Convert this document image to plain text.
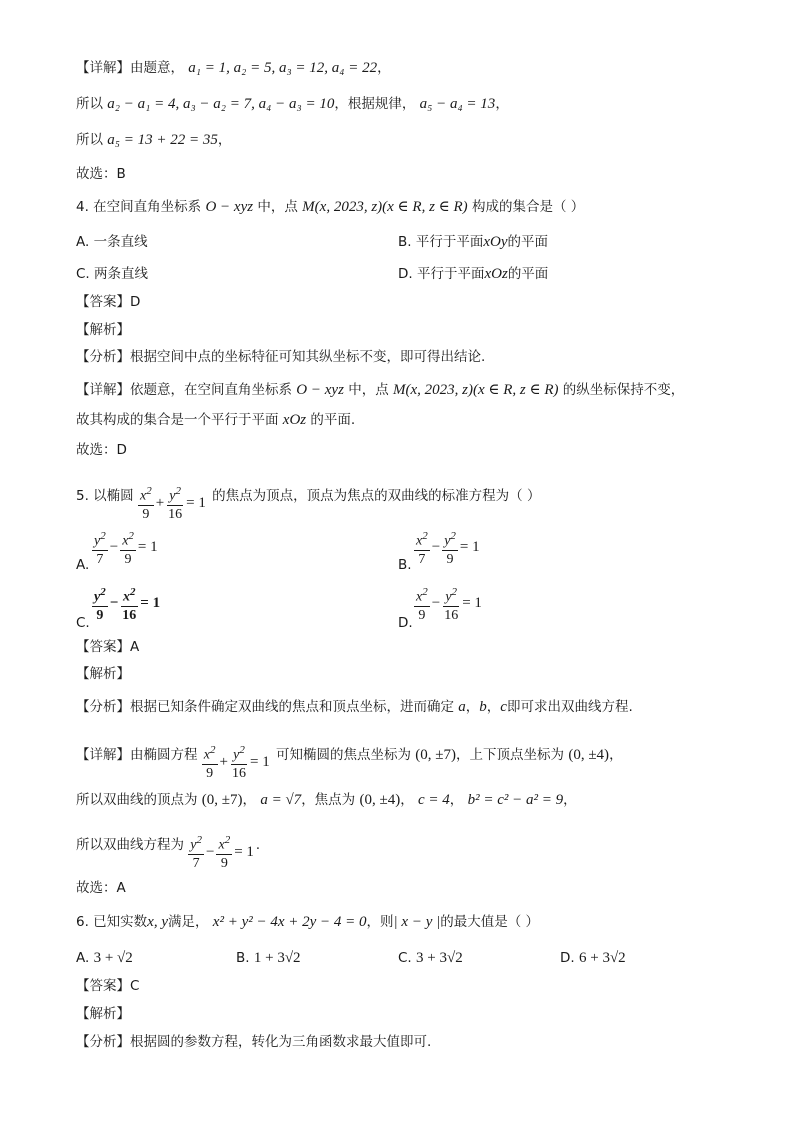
【详解】由题意， a₁ = 1, a₂ = 5, a₃ = 12, a₄ = 22，
所以 a₂ − a₁ = 4, a₃ − a₂ = 7, a₄ − a₃ = 10，根据规律， a₅ − a₄ = 13，
所以 a₅ = 13 + 22 = 35，
故选：B
4. 在空间直角坐标系 O − xyz 中，点 M(x, 2023, z)(x ∈ R, z ∈ R) 构成的集合是（ ）
A. 一条直线	B. 平行于平面xOy的平面
C. 两条直线	D. 平行于平面xOz的平面
【答案】D
【解析】
【分析】根据空间中点的坐标特征可知其纵坐标不变，即可得出结论.
【详解】依题意，在空间直角坐标系 O − xyz 中，点 M(x, 2023, z)(x ∈ R, z ∈ R) 的纵坐标保持不变，
故其构成的集合是一个平行于平面 xOz 的平面.
故选：D
5. 以椭圆 $\frac{x^2}{9} + \frac{y^2}{16} = 1$ 的焦点为顶点，顶点为焦点的双曲线的标准方程为（ ）
A. $\frac{y^2}{7} - \frac{x^2}{9} = 1$
B. $\frac{x^2}{7} - \frac{y^2}{9} = 1$
C. $\frac{y^2}{9} - \frac{x^2}{16} = 1$
D. $\frac{x^2}{9} - \frac{y^2}{16} = 1$
【答案】A
【解析】
【分析】根据已知条件确定双曲线的焦点和顶点坐标，进而确定 a，b，c即可求出双曲线方程.
【详解】由椭圆方程 $\frac{x^2}{9} + \frac{y^2}{16} = 1$ 可知椭圆的焦点坐标为 (0, ±7)，上下顶点坐标为 (0, ±4)，
所以双曲线的顶点为 (0, ±7)， a = √7，焦点为 (0, ±4)， c = 4， b² = c² − a² = 9，
所以双曲线方程为 $\frac{y^2}{7} - \frac{x^2}{9} = 1$ .
故选：A
6. 已知实数x, y满足， x² + y² − 4x + 2y − 4 = 0，则| x − y |的最大值是（ ）
A. 3 + √2	B. 1 + 3√2	C. 3 + 3√2	D. 6 + 3√2
【答案】C
【解析】
【分析】根据圆的参数方程，转化为三角函数求最大值即可.
